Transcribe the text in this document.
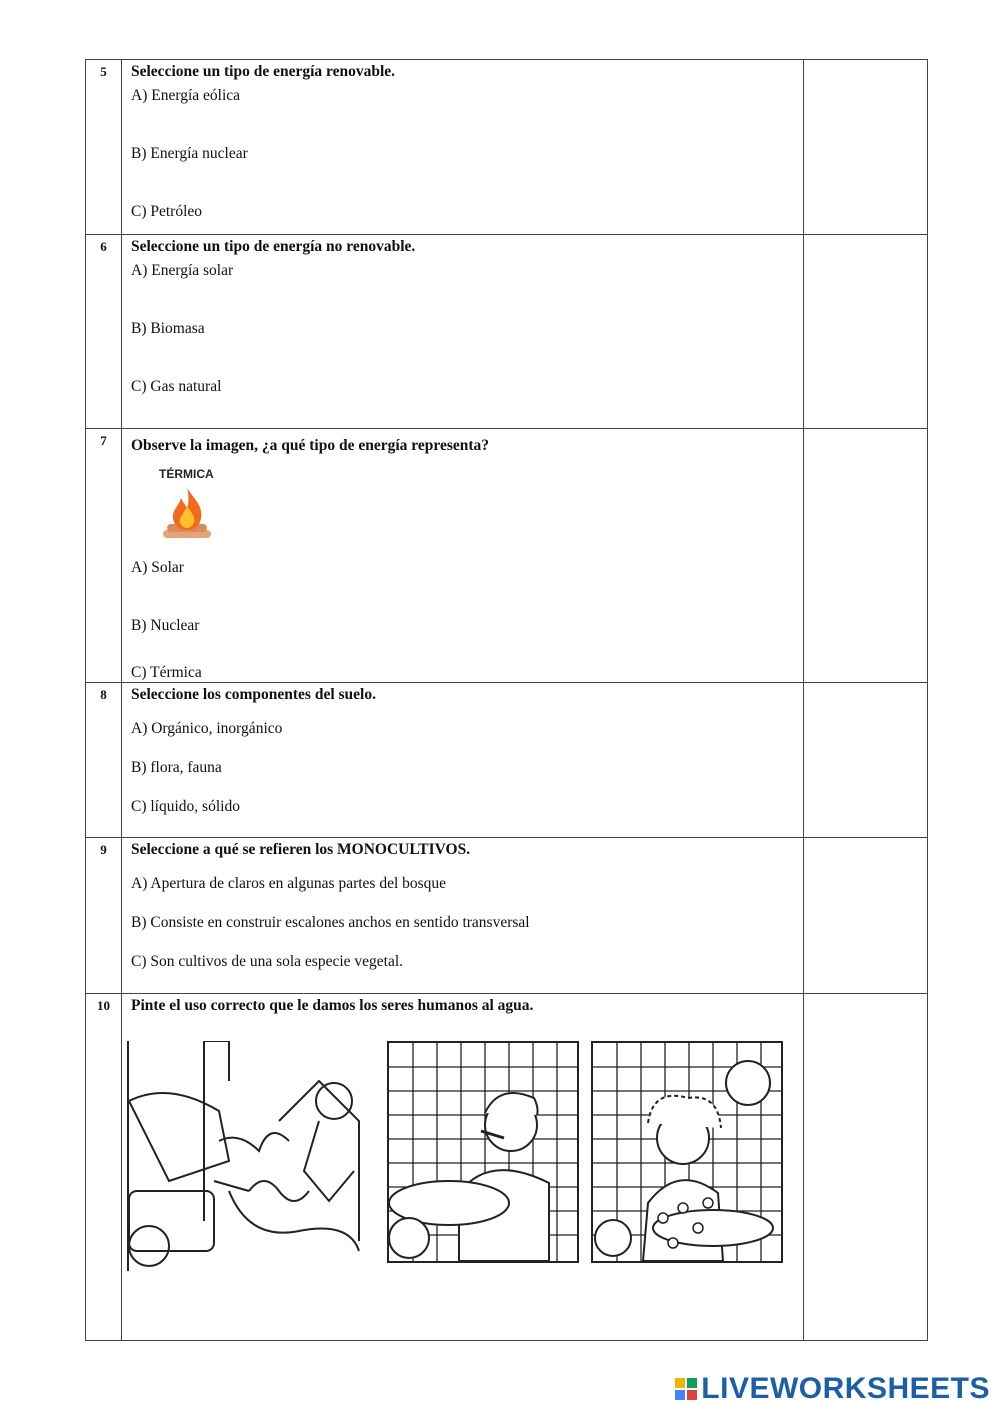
5	Seleccione un tipo de energía renovable.

A) Energía eólica

B) Energía nuclear

C) Petróleo	

6	Seleccione un tipo de energía no renovable.

A) Energía solar

B) Biomasa

C) Gas natural	

7	Observe la imagen, ¿a qué tipo de energía representa?

TÉRMICA

A) Solar

B) Nuclear

C) Térmica	

8	Seleccione los componentes del suelo.

A) Orgánico, inorgánico

B) flora, fauna

C) líquido, sólido	

9	Seleccione a qué se refieren los MONOCULTIVOS.

A) Apertura de claros en algunas partes del bosque

B) Consiste en construir escalones anchos en sentido transversal

C) Son cultivos de una sola especie vegetal.	

10	Pinte el uso correcto que le damos los seres humanos al agua.	

LIVEWORKSHEETS
